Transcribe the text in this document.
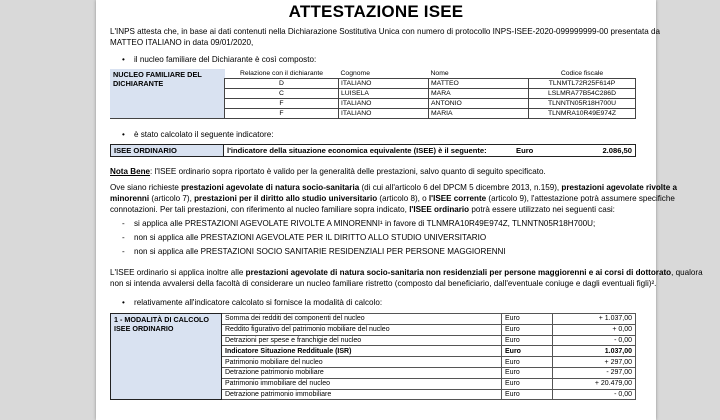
ATTESTAZIONE ISEE
L'INPS attesta che, in base ai dati contenuti nella Dichiarazione Sostitutiva Unica con numero di protocollo INPS-ISEE-2020-099999999-00 presentata da
MATTEO ITALIANO in data 09/01/2020,
• il nucleo familiare del Dichiarante è così composto:
NUCLEO FAMILIARE DEL DICHIARANTE	Relazione con il dichiarante	Cognome	Nome	Codice fiscale
	D	ITALIANO	MATTEO	TLNMTL72R25F614P
	C	LUISELA	MARA	LSLMRA77B54C286D
	F	ITALIANO	ANTONIO	TLNNTN05R18H700U
	F	ITALIANO	MARIA	TLNMRA10R49E974Z
• è stato calcolato il seguente indicatore:
ISEE ORDINARIO	l'indicatore della situazione economica equivalente (ISEE) è il seguente:	Euro	2.086,50
Nota Bene: l'ISEE ordinario sopra riportato è valido per la generalità delle prestazioni, salvo quanto di seguito specificato.
Ove siano richieste prestazioni agevolate di natura socio-sanitaria (di cui all'articolo 6 del DPCM 5 dicembre 2013, n.159), prestazioni agevolate rivolte a
minorenni (articolo 7), prestazioni per il diritto allo studio universitario (articolo 8), o l'ISEE corrente (articolo 9), l'attestazione potrà assumere specifiche
connotazioni. Per tali prestazioni, con riferimento al nucleo familiare sopra indicato, l'ISEE ordinario potrà essere utilizzato nei seguenti casi:
- si applica alle PRESTAZIONI AGEVOLATE RIVOLTE A MINORENNI¹ in favore di TLNMRA10R49E974Z, TLNNTN05R18H700U;
- non si applica alle PRESTAZIONI AGEVOLATE PER IL DIRITTO ALLO STUDIO UNIVERSITARIO
- non si applica alle PRESTAZIONI SOCIO SANITARIE RESIDENZIALI PER PERSONE MAGGIORENNI
L'ISEE ordinario si applica inoltre alle prestazioni agevolate di natura socio-sanitaria non residenziali per persone maggiorenni e ai corsi di dottorato, qualora
non si intenda avvalersi della facoltà di considerare un nucleo familiare ristretto (composto dal beneficiario, dall'eventuale coniuge e dagli eventuali figli)².
• relativamente all'indicatore calcolato si fornisce la modalità di calcolo:
1 - MODALITÀ DI CALCOLO ISEE ORDINARIO	Somma dei redditi dei componenti del nucleo	Euro	+ 1.037,00
	Reddito figurativo del patrimonio mobiliare del nucleo	Euro	+ 0,00
	Detrazioni per spese e franchigie del nucleo	Euro	- 0,00
	Indicatore Situazione Reddituale (ISR)	Euro	1.037,00
	Patrimonio mobiliare del nucleo	Euro	+ 297,00
	Detrazione patrimonio mobiliare	Euro	- 297,00
	Patrimonio immobiliare del nucleo	Euro	+ 20.479,00
	Detrazione patrimonio immobiliare	Euro	- 0,00
